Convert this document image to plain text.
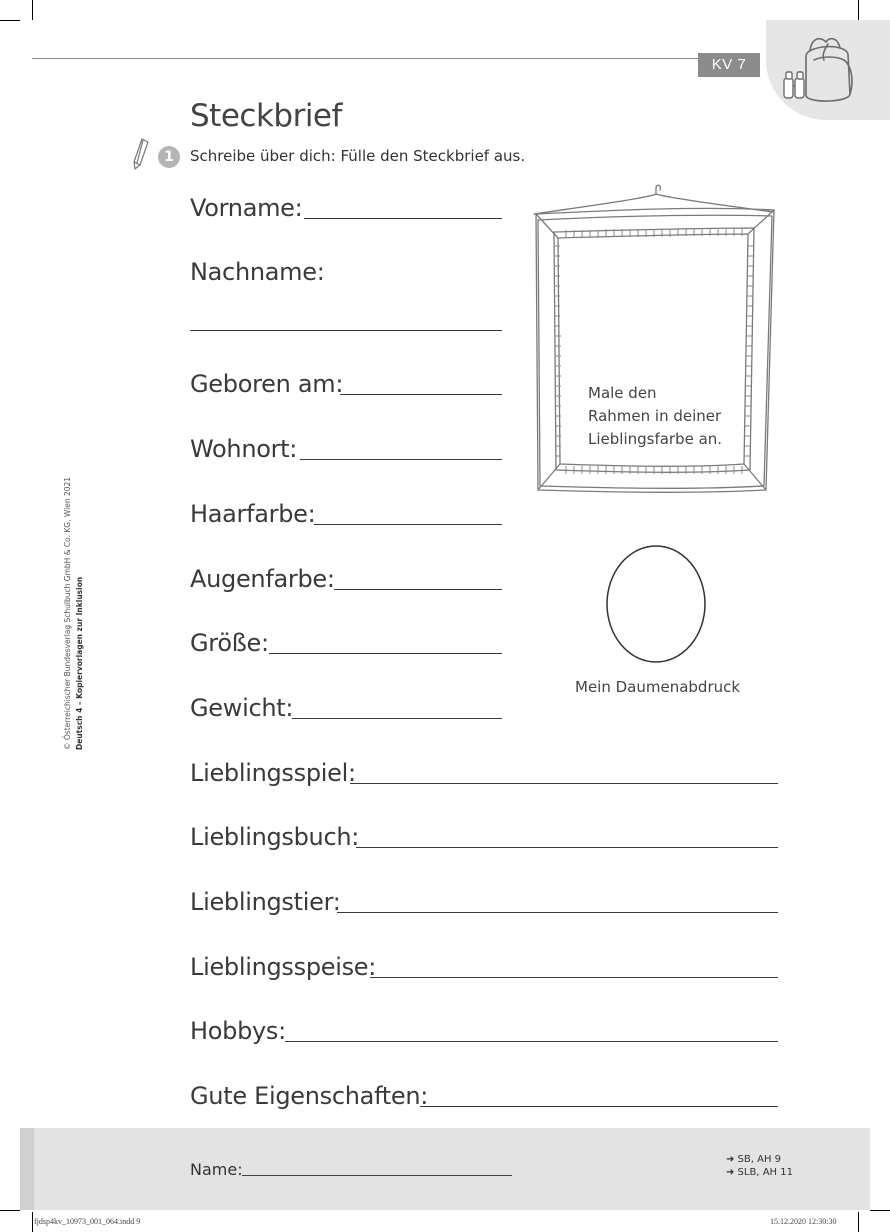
KV 7
Steckbrief
1	Schreibe über dich: Fülle den Steckbrief aus.
Vorname:
Nachname:
Geboren am:
Wohnort:
Haarfarbe:
Augenfarbe:
Größe:
Gewicht:
Lieblingsspiel:
Lieblingsbuch:
Lieblingstier:
Lieblingsspeise:
Hobbys:
Gute Eigenschaften:
Male den
Rahmen in deiner
Lieblingsfarbe an.
Mein Daumenabdruck
© Österreichischer Bundesverlag Schulbuch GmbH & Co. KG, Wien 2021 Deutsch 4 – Kopiervorlagen zur Inklusion
Name:
➜ SB, AH 9
➜ SLB, AH 11
fjdsp4kv_10973_001_064.indd 9	15.12.2020 12:30:30
